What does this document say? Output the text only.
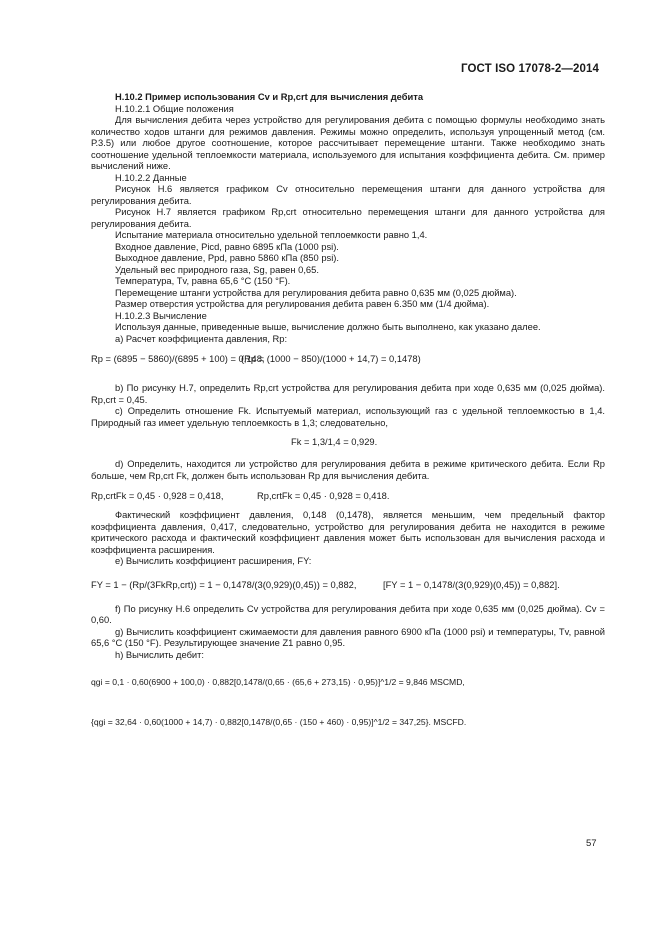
ГОСТ ISO 17078-2—2014
Н.10.2 Пример использования Cv и Rp,crt для вычисления дебита
Н.10.2.1 Общие положения
Для вычисления дебита через устройство для регулирования дебита с помощью формулы необходимо знать количество ходов штанги для режимов давления. Режимы можно определить, используя упрощенный метод (см. Р.3.5) или любое другое соотношение, которое рассчитывает перемещение штанги. Также необходимо знать соотношение удельной теплоемкости материала, используемого для испытания коэффициента дебита. См. пример вычислений ниже.
Н.10.2.2 Данные
Рисунок Н.6 является графиком Cv относительно перемещения штанги для данного устройства для регулирования дебита.
Рисунок Н.7 является графиком Rp,crt относительно перемещения штанги для данного устройства для регулирования дебита.
Испытание материала относительно удельной теплоемкости равно 1,4.
Входное давление, Picd, равно 6895 кПа (1000 psi).
Выходное давление, Ppd, равно 5860 кПа (850 psi).
Удельный вес природного газа, Sg, равен 0,65.
Температура, Tv, равна 65,6 °С (150 °F).
Перемещение штанги устройства для регулирования дебита равно 0,635 мм (0,025 дюйма).
Размер отверстия устройства для регулирования дебита равен 6.350 мм (1/4 дюйма).
Н.10.2.3 Вычисление
Используя данные, приведенные выше, вычисление должно быть выполнено, как указано далее.
а) Расчет коэффициента давления, Rp:
Rp = (6895 − 5860)/(6895 + 100) = 0,148,
(Rp = (1000 − 850)/(1000 + 14,7) = 0,1478)
b) По рисунку Н.7, определить Rp,crt устройства для регулирования дебита при ходе 0,635 мм (0,025 дюйма). Rp,crt = 0,45.
с) Определить отношение Fk. Испытуемый материал, использующий газ с удельной теплоемкостью в 1,4. Природный газ имеет удельную теплоемкость в 1,3; следовательно,
Fk = 1,3/1,4 = 0,929.
d) Определить, находится ли устройство для регулирования дебита в режиме критического дебита. Если Rp больше, чем Rp,crt Fk, должен быть использован Rp для вычисления дебита.
Rp,crtFk = 0,45 · 0,928 = 0,418,	Rp,crtFk = 0,45 · 0,928 = 0,418.
Фактический коэффициент давления, 0,148 (0,1478), является меньшим, чем предельный фактор коэффициента давления, 0,417, следовательно, устройство для регулирования дебита не находится в режиме критического расхода и фактический коэффициент давления может быть использован для вычисления расхода и коэффициента расширения.
е) Вычислить коэффициент расширения, FY:
FY = 1 − (Rp/(3FkRp,crt)) = 1 − 0,1478/(3(0,929)(0,45)) = 0,882,	[FY = 1 − 0,1478/(3(0,929)(0,45)) = 0,882].
f) По рисунку Н.6 определить Cv устройства для регулирования дебита при ходе 0,635 мм (0,025 дюйма). Cv = 0,60.
g) Вычислить коэффициент сжимаемости для давления равного 6900 кПа (1000 psi) и температуры, Tv, равной 65,6 °С (150 °F). Результирующее значение Z1 равно 0,95.
h) Вычислить дебит:
qgi = 0,1 · 0,60(6900 + 100,0) · 0,882[0,1478/(0,65 · (65,6 + 273,15) · 0,95)]^1/2 = 9,846 MSCMD,
{qgi = 32,64 · 0,60(1000 + 14,7) · 0,882[0,1478/(0,65 · (150 + 460) · 0,95)]^1/2 = 347,25}. MSCFD.
57
